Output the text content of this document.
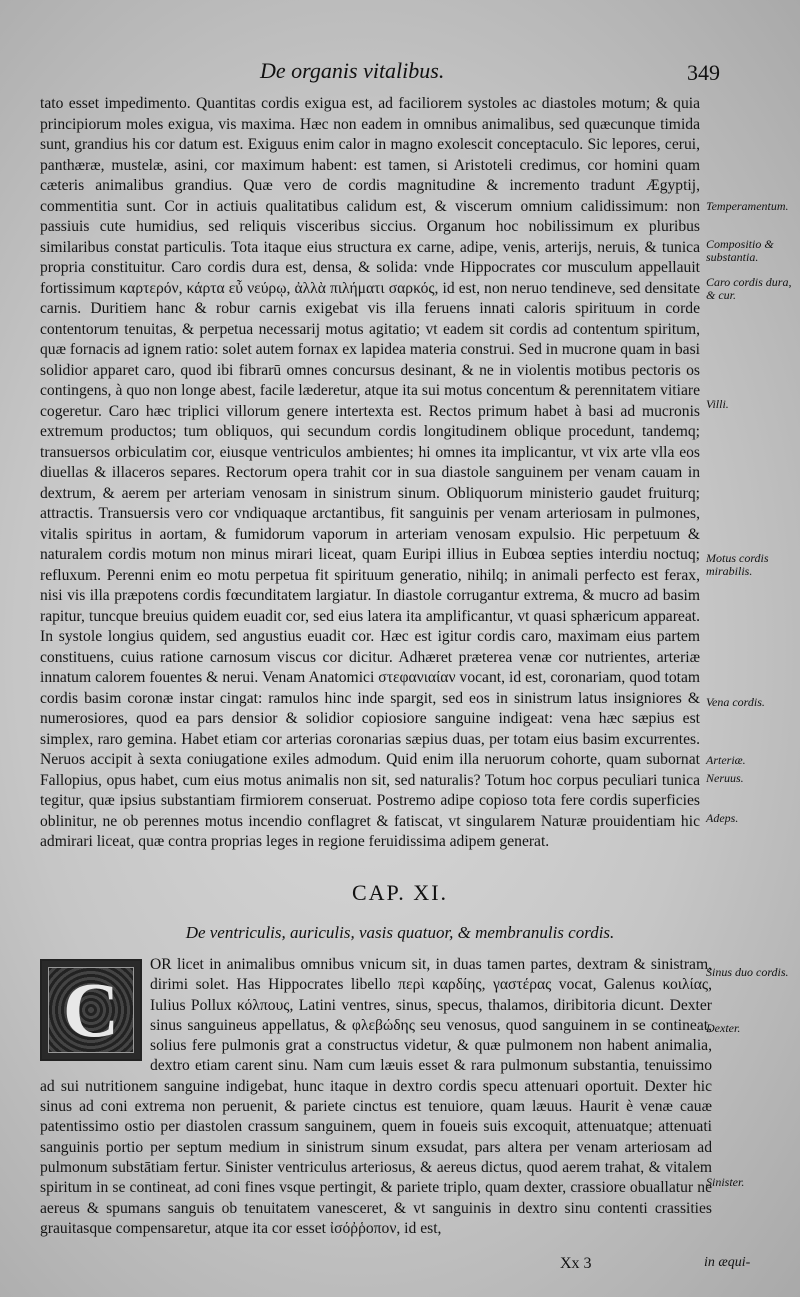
De organis vitalibus.	349

tato esset impedimento. Quantitas cordis exigua est, ad faciliorem systoles ac diastoles motum; & quia principiorum moles exigua, vis maxima. Hæc non eadem in omnibus animalibus, sed quæcunque timida sunt, grandius his cor datum est. Exiguus enim calor in magno exolescit conceptaculo. Sic lepores, cerui, panthæræ, mustelæ, asini, cor maximum habent: est tamen, si Aristoteli credimus, cor homini quam cæteris animalibus grandius. Quæ vero de cordis magnitudine & incremento tradunt Ægyptij, commentitia sunt. Cor in actiuis qualitatibus calidum est, & viscerum omnium calidissimum: non passiuis cute humidius, sed reliquis visceribus siccius. Organum hoc nobilissimum ex pluribus similaribus constat particulis. Tota itaque eius structura ex carne, adipe, venis, arterijs, neruis, & tunica propria constituitur. Caro cordis dura est, densa, & solida: vnde Hippocrates cor musculum appellauit fortissimum καρτερόν, κάρτα εὖ νεύρῳ, ἀλλὰ πιλήματι σαρκός, id est, non neruo tendineve, sed densitate carnis. Duritiem hanc & robur carnis exigebat vis illa feruens innati caloris spirituum in corde contentorum tenuitas, & perpetua necessarij motus agitatio; vt eadem sit cordis ad contentum spiritum, quæ fornacis ad ignem ratio: solet autem fornax ex lapidea materia construi. Sed in mucrone quam in basi solidior apparet caro, quod ibi fibrarū omnes concursus desinant, & ne in violentis motibus pectoris os contingens, à quo non longe abest, facile læderetur, atque ita sui motus concentum & perennitatem vitiare cogeretur. Caro hæc triplici villorum genere intertexta est. Rectos primum habet à basi ad mucronis extremum productos; tum obliquos, qui secundum cordis longitudinem oblique procedunt, tandemq; transuersos orbiculatim cor, eiusque ventriculos ambientes; hi omnes ita implicantur, vt vix arte vlla eos diuellas & illaceros separes. Rectorum opera trahit cor in sua diastole sanguinem per venam cauam in dextrum, & aerem per arteriam venosam in sinistrum sinum. Obliquorum ministerio gaudet fruiturq; attractis. Transuersis vero cor vndiquaque arctantibus, fit sanguinis per venam arteriosam in pulmones, vitalis spiritus in aortam, & fumidorum vaporum in arteriam venosam expulsio. Hic perpetuum & naturalem cordis motum non minus mirari liceat, quam Euripi illius in Eubœa septies interdiu noctuq; refluxum. Perenni enim eo motu perpetua fit spirituum generatio, nihilq; in animali perfecto est ferax, nisi vis illa præpotens cordis fœcunditatem largiatur. In diastole corrugantur extrema, & mucro ad basim rapitur, tuncque breuius quidem euadit cor, sed eius latera ita amplificantur, vt quasi sphæricum appareat. In systole longius quidem, sed angustius euadit cor. Hæc est igitur cordis caro, maximam eius partem constituens, cuius ratione carnosum viscus cor dicitur. Adhæret præterea venæ cor nutrientes, arteriæ innatum calorem fouentes & nerui. Venam Anatomici στεφανιαίαν vocant, id est, coronariam, quod totam cordis basim coronæ instar cingat: ramulos hinc inde spargit, sed eos in sinistrum latus insigniores & numerosiores, quod ea pars densior & solidior copiosiore sanguine indigeat: vena hæc sæpius est simplex, raro gemina. Habet etiam cor arterias coronarias sæpius duas, per totam eius basim excurrentes. Neruos accipit à sexta coniugatione exiles admodum. Quid enim illa neruorum cohorte, quam subornat Fallopius, opus habet, cum eius motus animalis non sit, sed naturalis? Totum hoc corpus peculiari tunica tegitur, quæ ipsius substantiam firmiorem conseruat. Postremo adipe copioso tota fere cordis superficies oblinitur, ne ob perennes motus incendio conflagret & fatiscat, vt singularem Naturæ prouidentiam hic admirari liceat, quæ contra proprias leges in regione feruidissima adipem generat.

CAP. XI.
De ventriculis, auriculis, vasis quatuor, & membranulis cordis.
C
OR licet in animalibus omnibus vnicum sit, in duas tamen partes, dextram & sinistram, dirimi solet. Has Hippocrates libello περὶ καρδίης, γαστέρας vocat, Galenus κοιλίας, Iulius Pollux κόλπους, Latini ventres, sinus, specus, thalamos, diribitoria dicunt. Dexter sinus sanguineus appellatus, & φλεβώδης seu venosus, quod sanguinem in se contineat, solius fere pulmonis grat a constructus videtur, & quæ pulmonem non habent animalia, dextro etiam carent sinu. Nam cum læuis esset & rara pulmonum substantia, tenuissimo ad sui nutritionem sanguine indigebat, hunc itaque in dextro cordis specu attenuari oportuit. Dexter hic sinus ad coni extrema non peruenit, & pariete cinctus est tenuiore, quam læuus. Haurit è venæ cauæ patentissimo ostio per diastolen crassum sanguinem, quem in foueis suis excoquit, attenuatque; attenuati sanguinis portio per septum medium in sinistrum sinum exsudat, pars altera per venam arteriosam ad pulmonum substātiam fertur. Sinister ventriculus arteriosus, & aereus dictus, quod aerem trahat, & vitalem spiritum in se contineat, ad coni fines vsque pertingit, & pariete triplo, quam dexter, crassiore obuallatur ne aereus & spumans sanguis ob tenuitatem vanesceret, & vt sanguinis in dextro sinu contenti crassities grauitasque compensaretur, atque ita cor esset ἰσόῤῥοπον, id est,
Temperamentum.
Compositio & substantia.
Caro cordis dura, & cur.
Villi.
Motus cordis mirabilis.
Vena cordis.
Arteriæ.
Neruus.
Adeps.
Sinus duo cordis.
Dexter.
Sinister.
Xx 3	in æqui-
